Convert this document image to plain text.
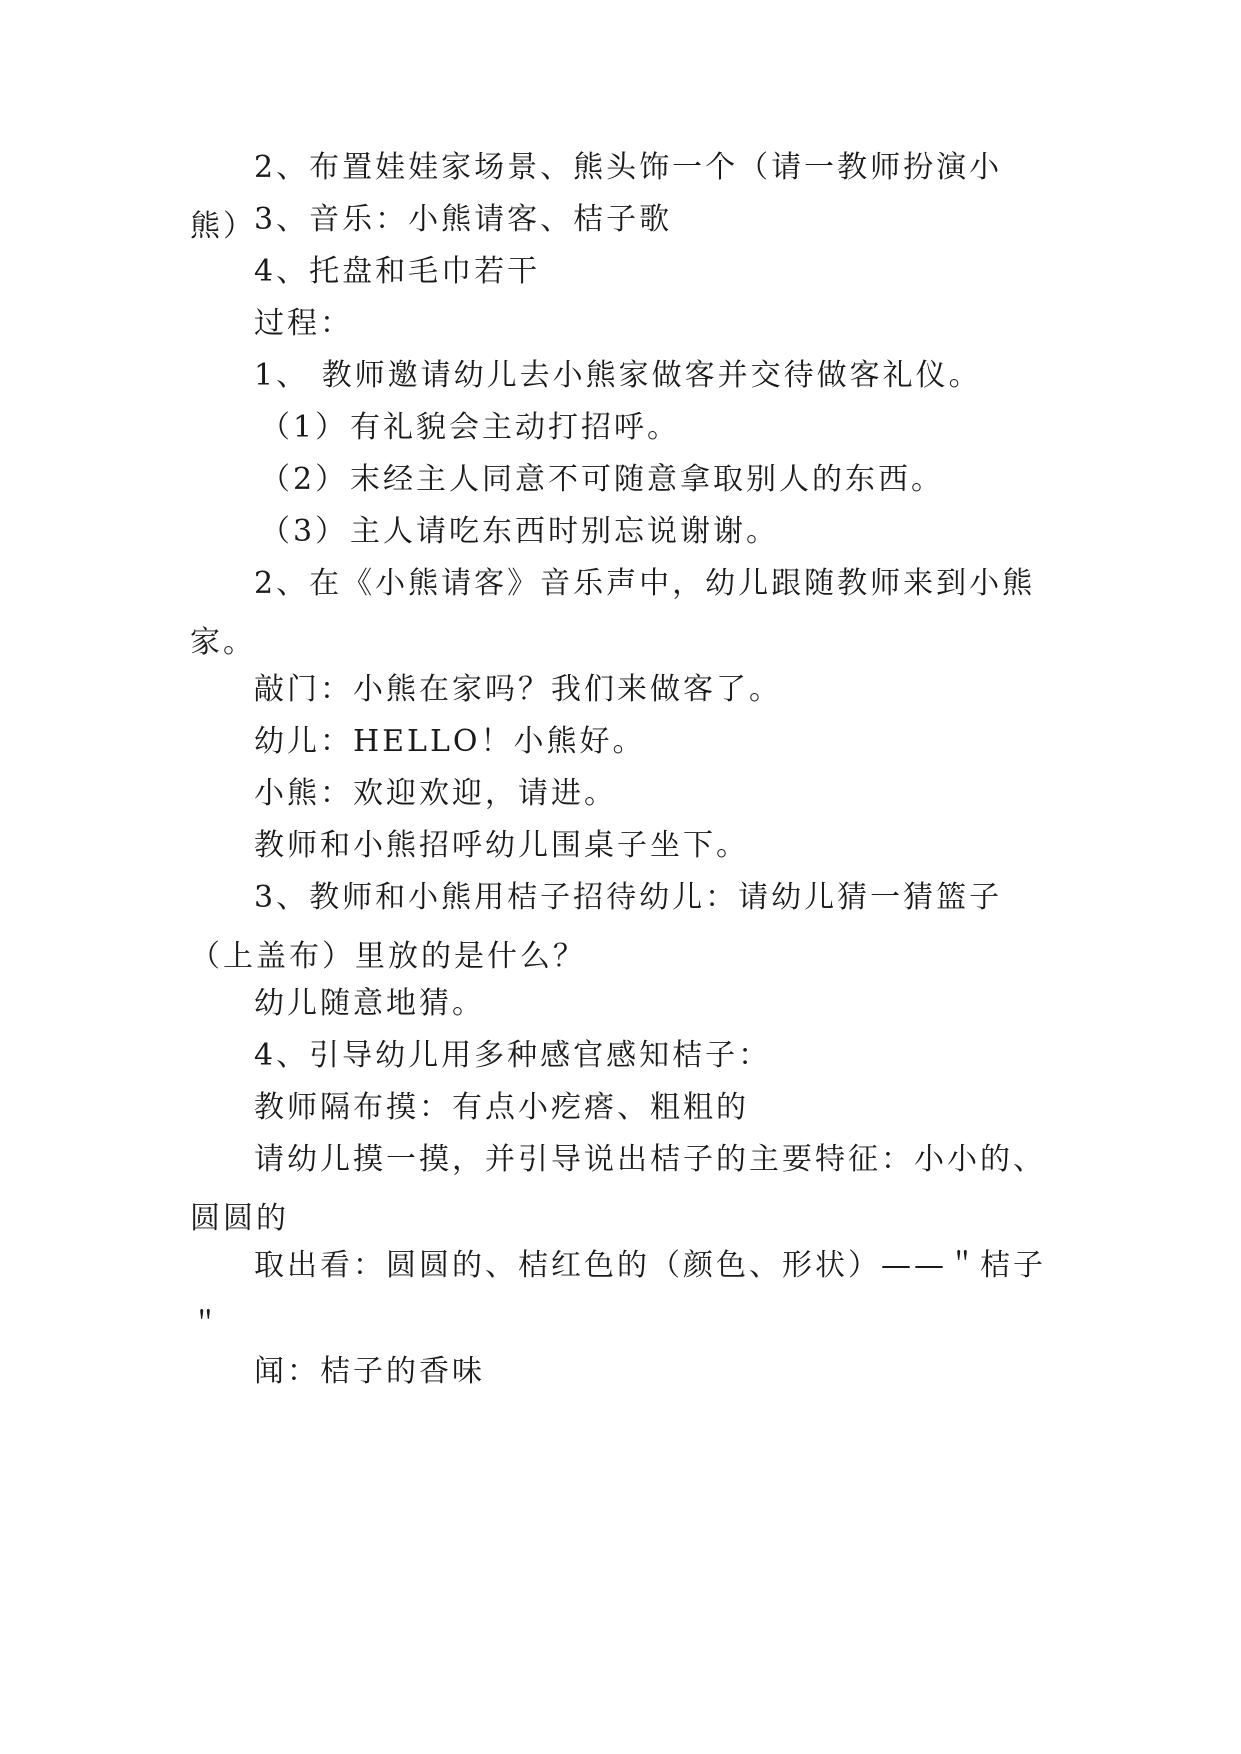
2、布置娃娃家场景、熊头饰一个（请一教师扮演小熊）

3、音乐：小熊请客、桔子歌

4、托盘和毛巾若干

过程：

1、 教师邀请幼儿去小熊家做客并交待做客礼仪。

（1）有礼貌会主动打招呼。

（2）末经主人同意不可随意拿取别人的东西。

（3）主人请吃东西时别忘说谢谢。

2、在《小熊请客》音乐声中，幼儿跟随教师来到小熊家。

敲门：小熊在家吗？我们来做客了。

幼儿：HELLO！小熊好。

小熊：欢迎欢迎，请进。

教师和小熊招呼幼儿围桌子坐下。

3、教师和小熊用桔子招待幼儿：请幼儿猜一猜篮子（上盖布）里放的是什么？

幼儿随意地猜。

4、引导幼儿用多种感官感知桔子：

教师隔布摸：有点小疙瘩、粗粗的

请幼儿摸一摸，并引导说出桔子的主要特征：小小的、圆圆的

取出看：圆圆的、桔红色的（颜色、形状）——＂桔子＂

闻：桔子的香味
